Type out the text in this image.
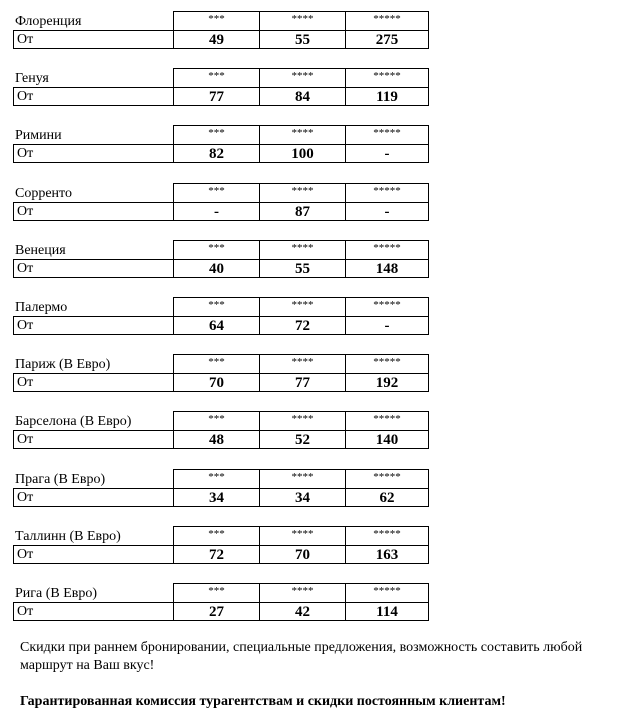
Флоренция	***	****	*****
От	49	55	275
Генуя	***	****	*****
От	77	84	119
Римини	***	****	*****
От	82	100	-
Сорренто	***	****	*****
От	-	87	-
Венеция	***	****	*****
От	40	55	148
Палермо	***	****	*****
От	64	72	-
Париж (В Евро)	***	****	*****
От	70	77	192
Барселона (В Евро)	***	****	*****
От	48	52	140
Прага (В Евро)	***	****	*****
От	34	34	62
Таллинн (В Евро)	***	****	*****
От	72	70	163
Рига (В Евро)	***	****	*****
От	27	42	114
Скидки при раннем бронировании, специальные предложения, возможность составить любой маршрут на Ваш вкус!
Гарантированная комиссия турагентствам и скидки постоянным клиентам!
